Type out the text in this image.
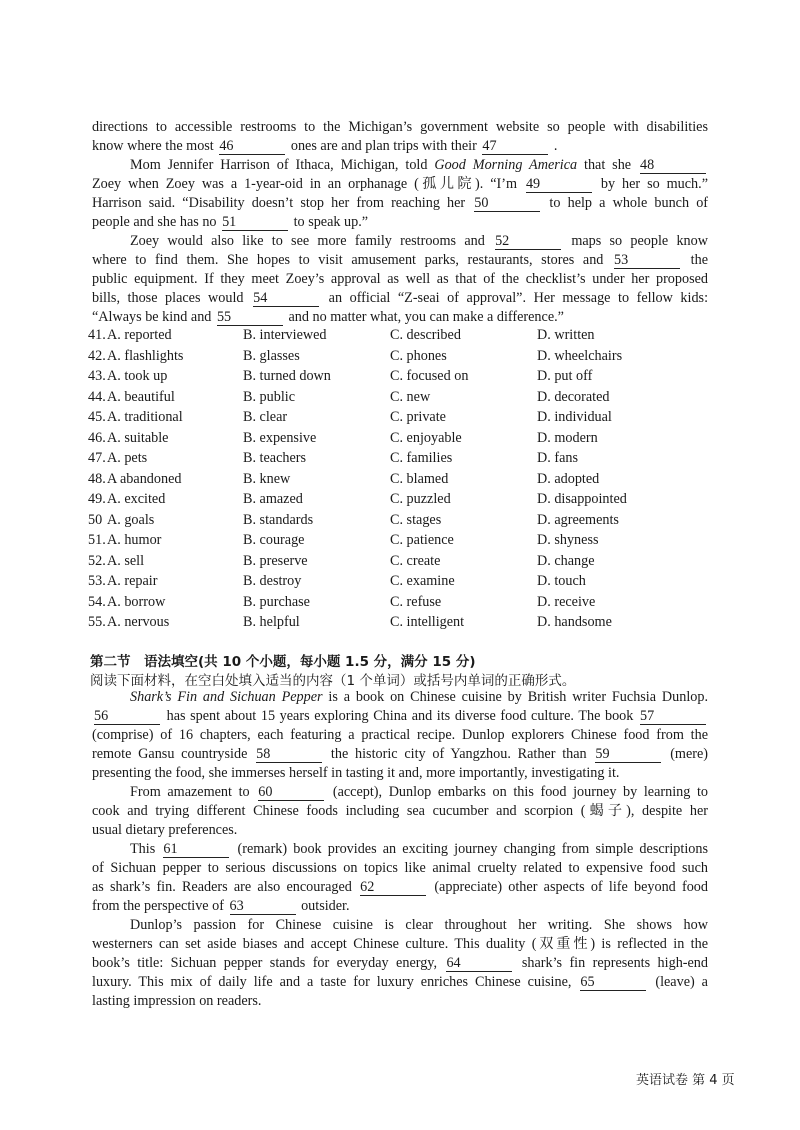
directions to accessible restrooms to the Michigan’s government website so people with disabilities
know where the most 46	ones are and plan trips with their 47	.
Mom Jennifer Harrison of Ithaca, Michigan, told Good Morning America that she 48
Zoey when Zoey was a 1-year-oid in an orphanage (孤儿院). “I’m 49	by her so much.”
Harrison said. “Disability doesn’t stop her from reaching her 50	to help a whole bunch of
people and she has no 51	to speak up.”
Zoey would also like to see more family restrooms and 52	maps so people know
where to find them. She hopes to visit amusement parks, restaurants, stores and 53	the
public equipment. If they meet Zoey’s approval as well as that of the checklist’s under her proposed
bills, those places would 54	an official “Z-seai of approval”. Her message to fellow kids:
“Always be kind and 55	and no matter what, you can make a difference.”
41. A. reported	B. interviewed	C. described	D. written
42. A. flashlights	B. glasses	C. phones	D. wheelchairs
43. A. took up	B. turned down	C. focused on	D. put off
44. A. beautiful	B. public	C. new	D. decorated
45. A. traditional	B. clear	C. private	D. individual
46. A. suitable	B. expensive	C. enjoyable	D. modern
47. A. pets	B. teachers	C. families	D. fans
48. A abandoned	B. knew	C. blamed	D. adopted
49. A. excited	B. amazed	C. puzzled	D. disappointed
50 A. goals	B. standards	C. stages	D. agreements
51. A. humor	B. courage	C. patience	D. shyness
52. A. sell	B. preserve	C. create	D. change
53. A. repair	B. destroy	C. examine	D. touch
54. A. borrow	B. purchase	C. refuse	D. receive
55. A. nervous	B. helpful	C. intelligent	D. handsome
第二节　语法填空(共 10 个小题，每小题 1.5 分，满分 15 分)
阅读下面材料，在空白处填入适当的内容（1 个单词）或括号内单词的正确形式。
Shark’s Fin and Sichuan Pepper is a book on Chinese cuisine by British writer Fuchsia Dunlop.
56	has spent about 15 years exploring China and its diverse food culture. The book 57
(comprise) of 16 chapters, each featuring a practical recipe. Dunlop explorers Chinese food from the
remote Gansu countryside 58	the historic city of Yangzhou. Rather than 59	(mere)
presenting the food, she immerses herself in tasting it and, more importantly, investigating it.
From amazement to 60	(accept), Dunlop embarks on this food journey by learning to
cook and trying different Chinese foods including sea cucumber and scorpion (蝎子), despite her
usual dietary preferences.
This 61	(remark) book provides an exciting journey changing from simple descriptions
of Sichuan pepper to serious discussions on topics like animal cruelty related to expensive food such
as shark’s fin. Readers are also encouraged 62	(appreciate) other aspects of life beyond food
from the perspective of 63	outsider.
Dunlop’s passion for Chinese cuisine is clear throughout her writing. She shows how
westerners can set aside biases and accept Chinese culture. This duality (双重性) is reflected in the
book’s title: Sichuan pepper stands for everyday energy, 64	shark’s fin represents high-end
luxury. This mix of daily life and a taste for luxury enriches Chinese cuisine, 65	(leave) a
lasting impression on readers.
英语试卷 第 4 页
